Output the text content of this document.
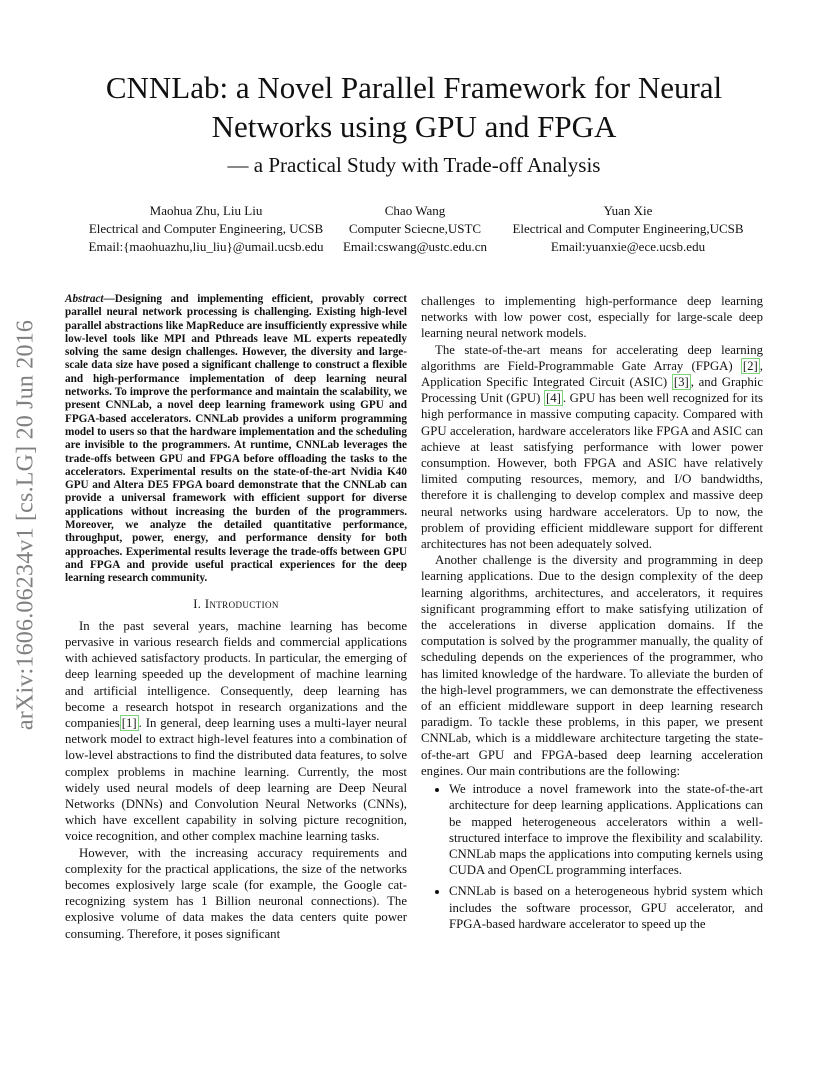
CNNLab: a Novel Parallel Framework for Neural
Networks using GPU and FPGA
— a Practical Study with Trade-off Analysis
Maohua Zhu, Liu Liu
Electrical and Computer Engineering, UCSB
Email:{maohuazhu,liu_liu}@umail.ucsb.edu
Chao Wang
Computer Sciecne,USTC
Email:cswang@ustc.edu.cn
Yuan Xie
Electrical and Computer Engineering,UCSB
Email:yuanxie@ece.ucsb.edu
arXiv:1606.06234v1 [cs.LG] 20 Jun 2016

Abstract—Designing and implementing efficient, provably correct parallel neural network processing is challenging. Existing high-level parallel abstractions like MapReduce are insufficiently expressive while low-level tools like MPI and Pthreads leave ML experts repeatedly solving the same design challenges. However, the diversity and large-scale data size have posed a significant challenge to construct a flexible and high-performance implementation of deep learning neural networks. To improve the performance and maintain the scalability, we present CNNLab, a novel deep learning framework using GPU and FPGA-based accelerators. CNNLab provides a uniform programming model to users so that the hardware implementation and the scheduling are invisible to the programmers. At runtime, CNNLab leverages the trade-offs between GPU and FPGA before offloading the tasks to the accelerators. Experimental results on the state-of-the-art Nvidia K40 GPU and Altera DE5 FPGA board demonstrate that the CNNLab can provide a universal framework with efficient support for diverse applications without increasing the burden of the programmers. Moreover, we analyze the detailed quantitative performance, throughput, power, energy, and performance density for both approaches. Experimental results leverage the trade-offs between GPU and FPGA and provide useful practical experiences for the deep learning research community.

I. Introduction

In the past several years, machine learning has become pervasive in various research fields and commercial applications with achieved satisfactory products. In particular, the emerging of deep learning speeded up the development of machine learning and artificial intelligence. Consequently, deep learning has become a research hotspot in research organizations and the companies [1] . In general, deep learning uses a multi-layer neural network model to extract high-level features into a combination of low-level abstractions to find the distributed data features, to solve complex problems in machine learning. Currently, the most widely used neural models of deep learning are Deep Neural Networks (DNNs) and Convolution Neural Networks (CNNs), which have excellent capability in solving picture recognition, voice recognition, and other complex machine learning tasks.

However, with the increasing accuracy requirements and complexity for the practical applications, the size of the networks becomes explosively large scale (for example, the Google cat-recognizing system has 1 Billion neuronal connections). The explosive volume of data makes the data centers quite power consuming. Therefore, it poses significant

challenges to implementing high-performance deep learning networks with low power cost, especially for large-scale deep learning neural network models.

The state-of-the-art means for accelerating deep learning algorithms are Field-Programmable Gate Array (FPGA) [2] , Application Specific Integrated Circuit (ASIC) [3] , and Graphic Processing Unit (GPU) [4] . GPU has been well recognized for its high performance in massive computing capacity. Compared with GPU acceleration, hardware accelerators like FPGA and ASIC can achieve at least satisfying performance with lower power consumption. However, both FPGA and ASIC have relatively limited computing resources, memory, and I/O bandwidths, therefore it is challenging to develop complex and massive deep neural networks using hardware accelerators. Up to now, the problem of providing efficient middleware support for different architectures has not been adequately solved.

Another challenge is the diversity and programming in deep learning applications. Due to the design complexity of the deep learning algorithms, architectures, and accelerators, it requires significant programming effort to make satisfying utilization of the accelerations in diverse application domains. If the computation is solved by the programmer manually, the quality of scheduling depends on the experiences of the programmer, who has limited knowledge of the hardware. To alleviate the burden of the high-level programmers, we can demonstrate the effectiveness of an efficient middleware support in deep learning research paradigm. To tackle these problems, in this paper, we present CNNLab, which is a middleware architecture targeting the state-of-the-art GPU and FPGA-based deep learning acceleration engines. Our main contributions are the following:

• We introduce a novel framework into the state-of-the-art architecture for deep learning applications. Applications can be mapped heterogeneous accelerators within a well-structured interface to improve the flexibility and scalability. CNNLab maps the applications into computing kernels using CUDA and OpenCL programming interfaces.
• CNNLab is based on a heterogeneous hybrid system which includes the software processor, GPU accelerator, and FPGA-based hardware accelerator to speed up the
